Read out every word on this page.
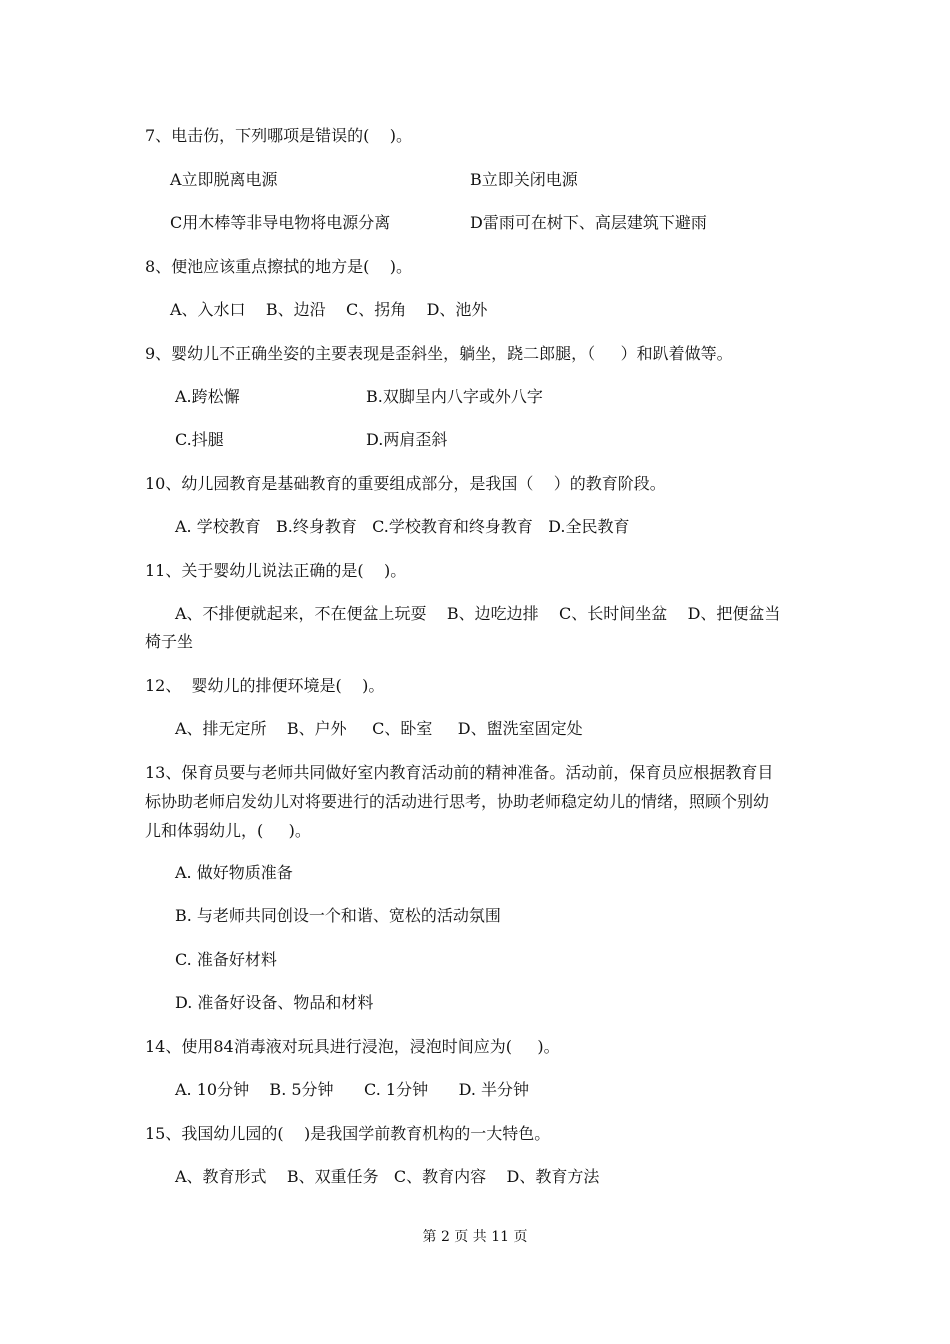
7、电击伤，下列哪项是错误的(    )。
A立即脱离电源	B立即关闭电源
C用木棒等非导电物将电源分离	D雷雨可在树下、高层建筑下避雨
8、便池应该重点擦拭的地方是(    )。
A、入水口    B、边沿    C、拐角    D、池外
9、婴幼儿不正确坐姿的主要表现是歪斜坐，躺坐，跷二郎腿，（     ）和趴着做等。
A.跨松懈	B.双脚呈内八字或外八字
C.抖腿	D.两肩歪斜
10、幼儿园教育是基础教育的重要组成部分，是我国（    ）的教育阶段。
A. 学校教育   B.终身教育   C.学校教育和终身教育   D.全民教育
11、关于婴幼儿说法正确的是(    )。
A、不排便就起来，不在便盆上玩耍    B、边吃边排    C、长时间坐盆    D、把便盆当
椅子坐
12、  婴幼儿的排便环境是(    )。
A、排无定所    B、户外     C、卧室     D、盥洗室固定处
13、保育员要与老师共同做好室内教育活动前的精神准备。活动前，保育员应根据教育目
标协助老师启发幼儿对将要进行的活动进行思考，协助老师稳定幼儿的情绪，照顾个别幼
儿和体弱幼儿，(     )。
A. 做好物质准备
B. 与老师共同创设一个和谐、宽松的活动氛围
C. 准备好材料
D. 准备好设备、物品和材料
14、使用84消毒液对玩具进行浸泡，浸泡时间应为(     )。
A. 10分钟    B. 5分钟      C. 1分钟      D. 半分钟
15、我国幼儿园的(    )是我国学前教育机构的一大特色。
A、教育形式    B、双重任务   C、教育内容    D、教育方法
第 2 页 共 11 页
